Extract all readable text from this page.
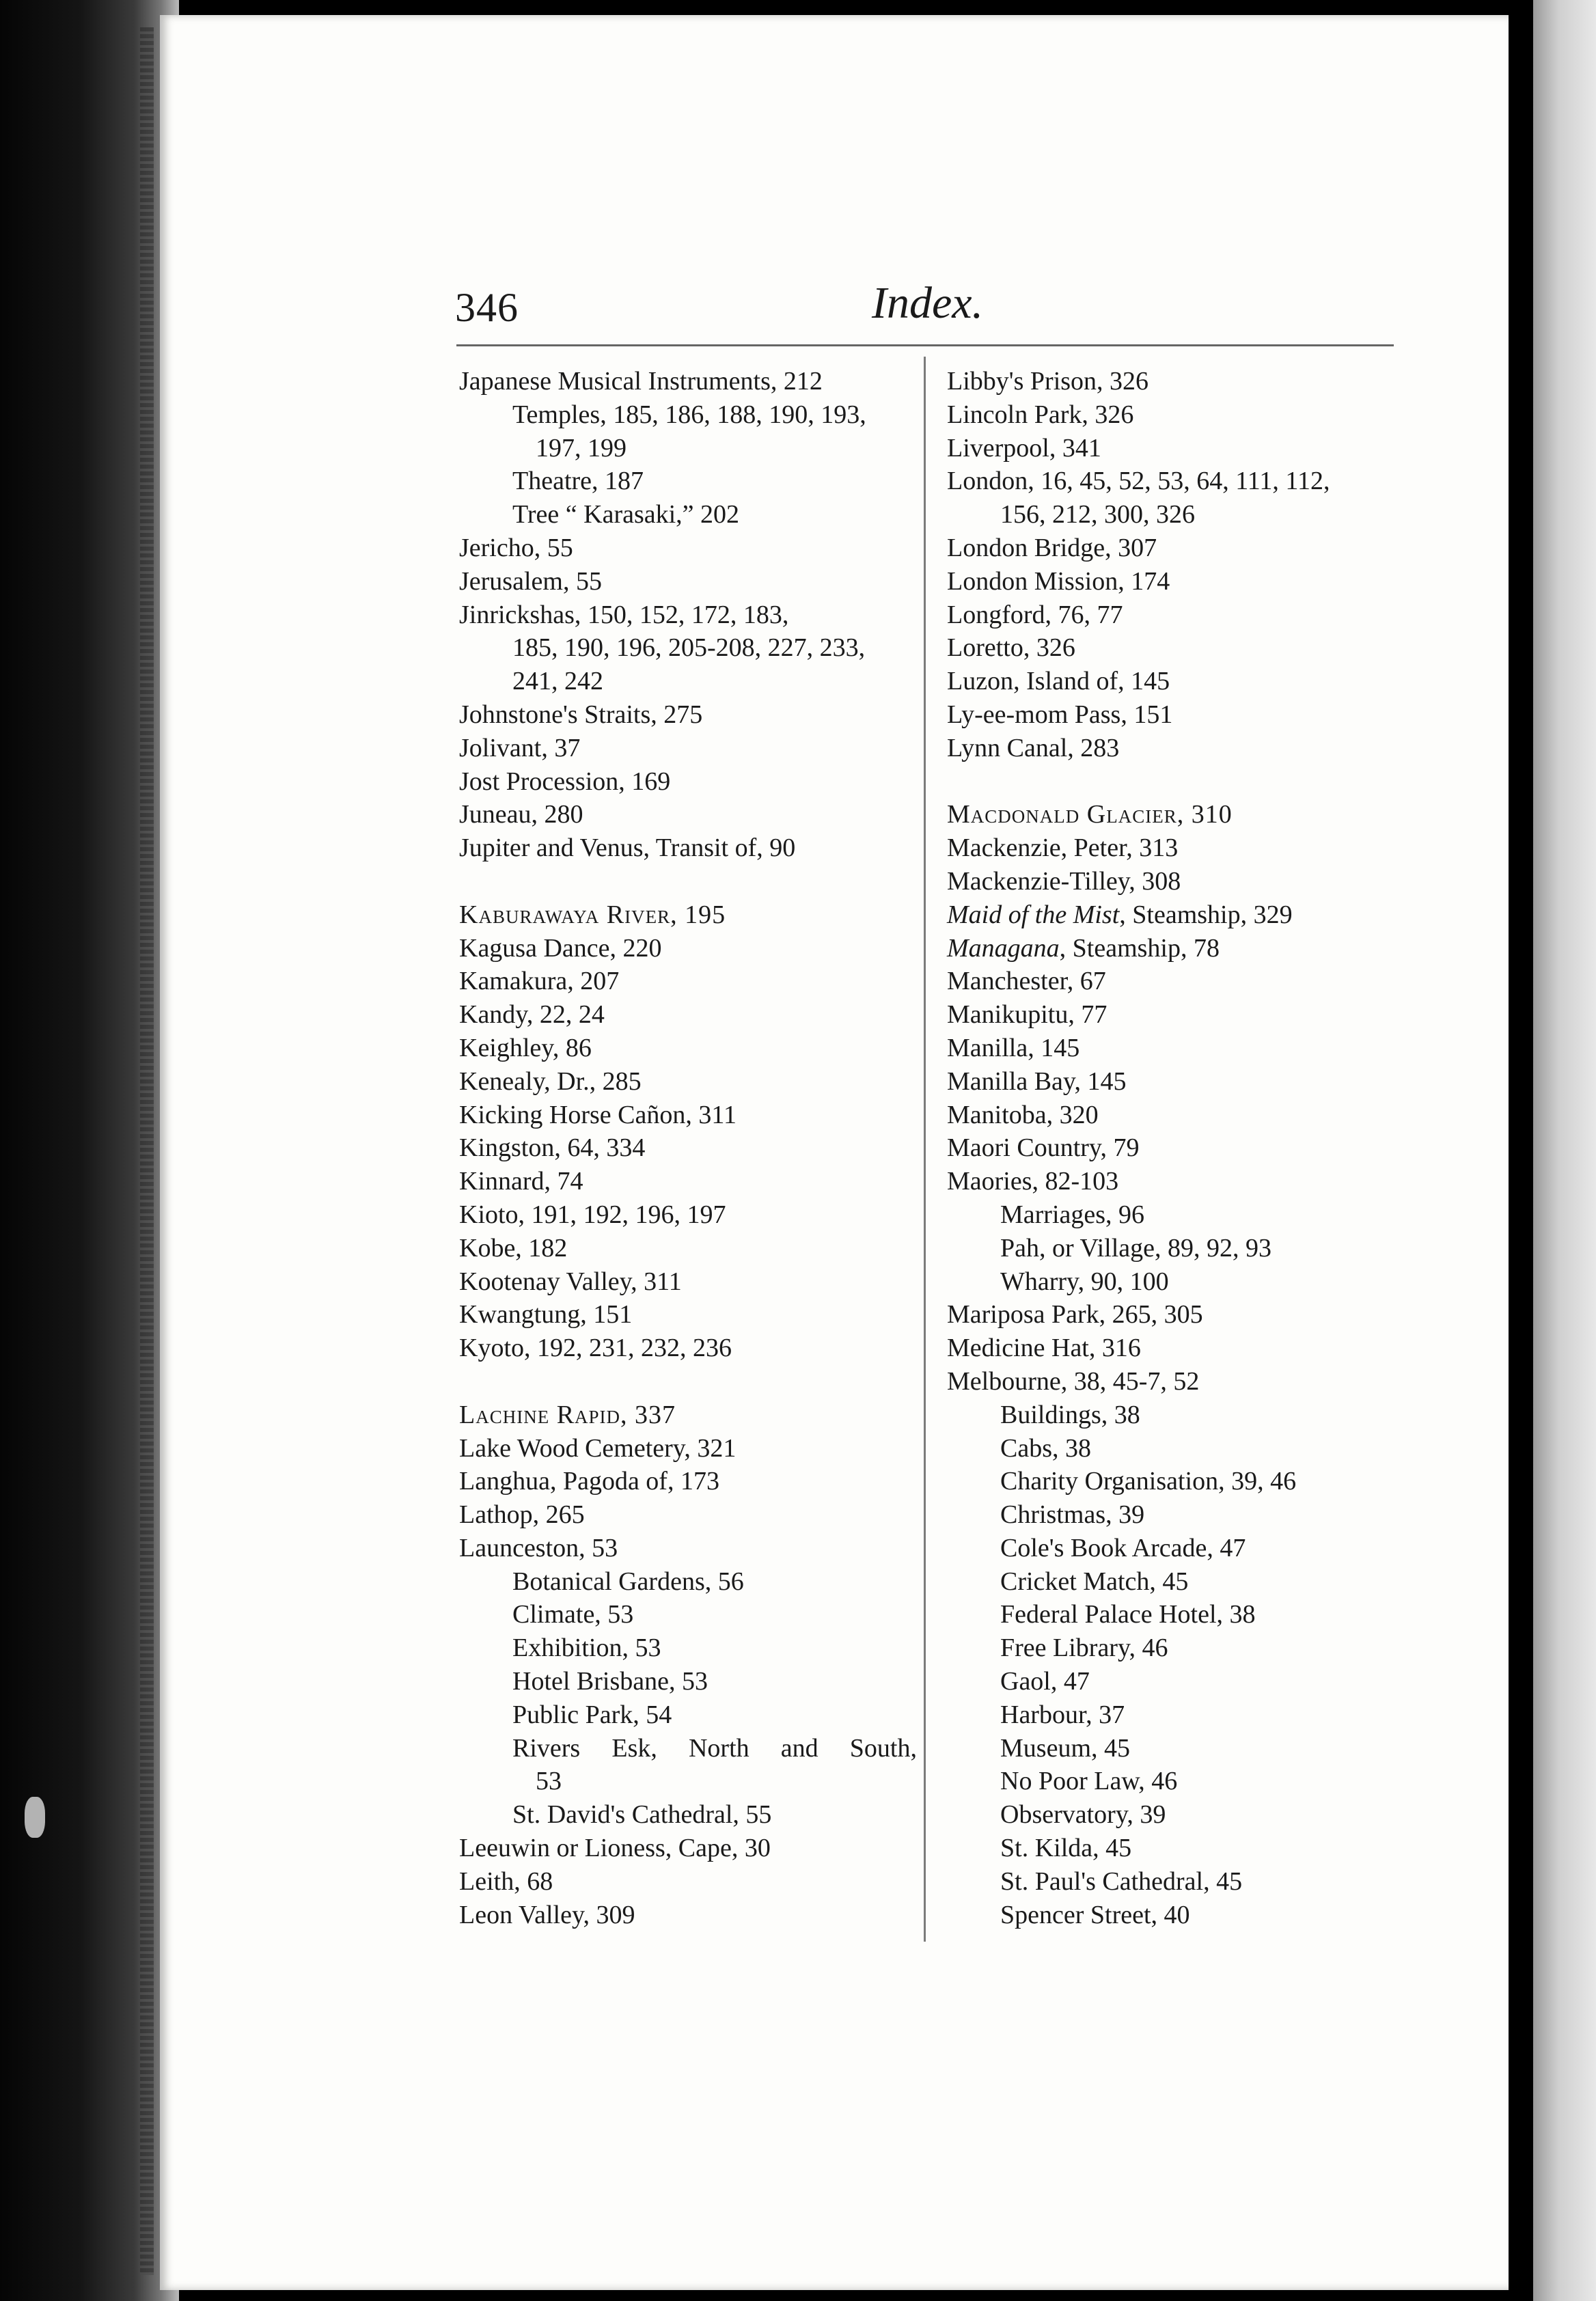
346	Index.
Japanese Musical Instruments, 212
Temples, 185, 186, 188, 190, 193,
197, 199
Theatre, 187
Tree “ Karasaki,” 202
Jericho, 55
Jerusalem, 55
Jinrickshas, 150, 152, 172, 183,
185, 190, 196, 205-208, 227, 233,
241, 242
Johnstone's Straits, 275
Jolivant, 37
Jost Procession, 169
Juneau, 280
Jupiter and Venus, Transit of, 90
Kaburawaya River, 195
Kagusa Dance, 220
Kamakura, 207
Kandy, 22, 24
Keighley, 86
Kenealy, Dr., 285
Kicking Horse Cañon, 311
Kingston, 64, 334
Kinnard, 74
Kioto, 191, 192, 196, 197
Kobe, 182
Kootenay Valley, 311
Kwangtung, 151
Kyoto, 192, 231, 232, 236
Lachine Rapid, 337
Lake Wood Cemetery, 321
Langhua, Pagoda of, 173
Lathop, 265
Launceston, 53
Botanical Gardens, 56
Climate, 53
Exhibition, 53
Hotel Brisbane, 53
Public Park, 54
Rivers Esk, North and South,
53
St. David's Cathedral, 55
Leeuwin or Lioness, Cape, 30
Leith, 68
Leon Valley, 309
Libby's Prison, 326
Lincoln Park, 326
Liverpool, 341
London, 16, 45, 52, 53, 64, 111, 112,
156, 212, 300, 326
London Bridge, 307
London Mission, 174
Longford, 76, 77
Loretto, 326
Luzon, Island of, 145
Ly-ee-mom Pass, 151
Lynn Canal, 283
Macdonald Glacier, 310
Mackenzie, Peter, 313
Mackenzie-Tilley, 308
Maid of the Mist, Steamship, 329
Managana, Steamship, 78
Manchester, 67
Manikupitu, 77
Manilla, 145
Manilla Bay, 145
Manitoba, 320
Maori Country, 79
Maories, 82-103
Marriages, 96
Pah, or Village, 89, 92, 93
Wharry, 90, 100
Mariposa Park, 265, 305
Medicine Hat, 316
Melbourne, 38, 45-7, 52
Buildings, 38
Cabs, 38
Charity Organisation, 39, 46
Christmas, 39
Cole's Book Arcade, 47
Cricket Match, 45
Federal Palace Hotel, 38
Free Library, 46
Gaol, 47
Harbour, 37
Museum, 45
No Poor Law, 46
Observatory, 39
St. Kilda, 45
St. Paul's Cathedral, 45
Spencer Street, 40
